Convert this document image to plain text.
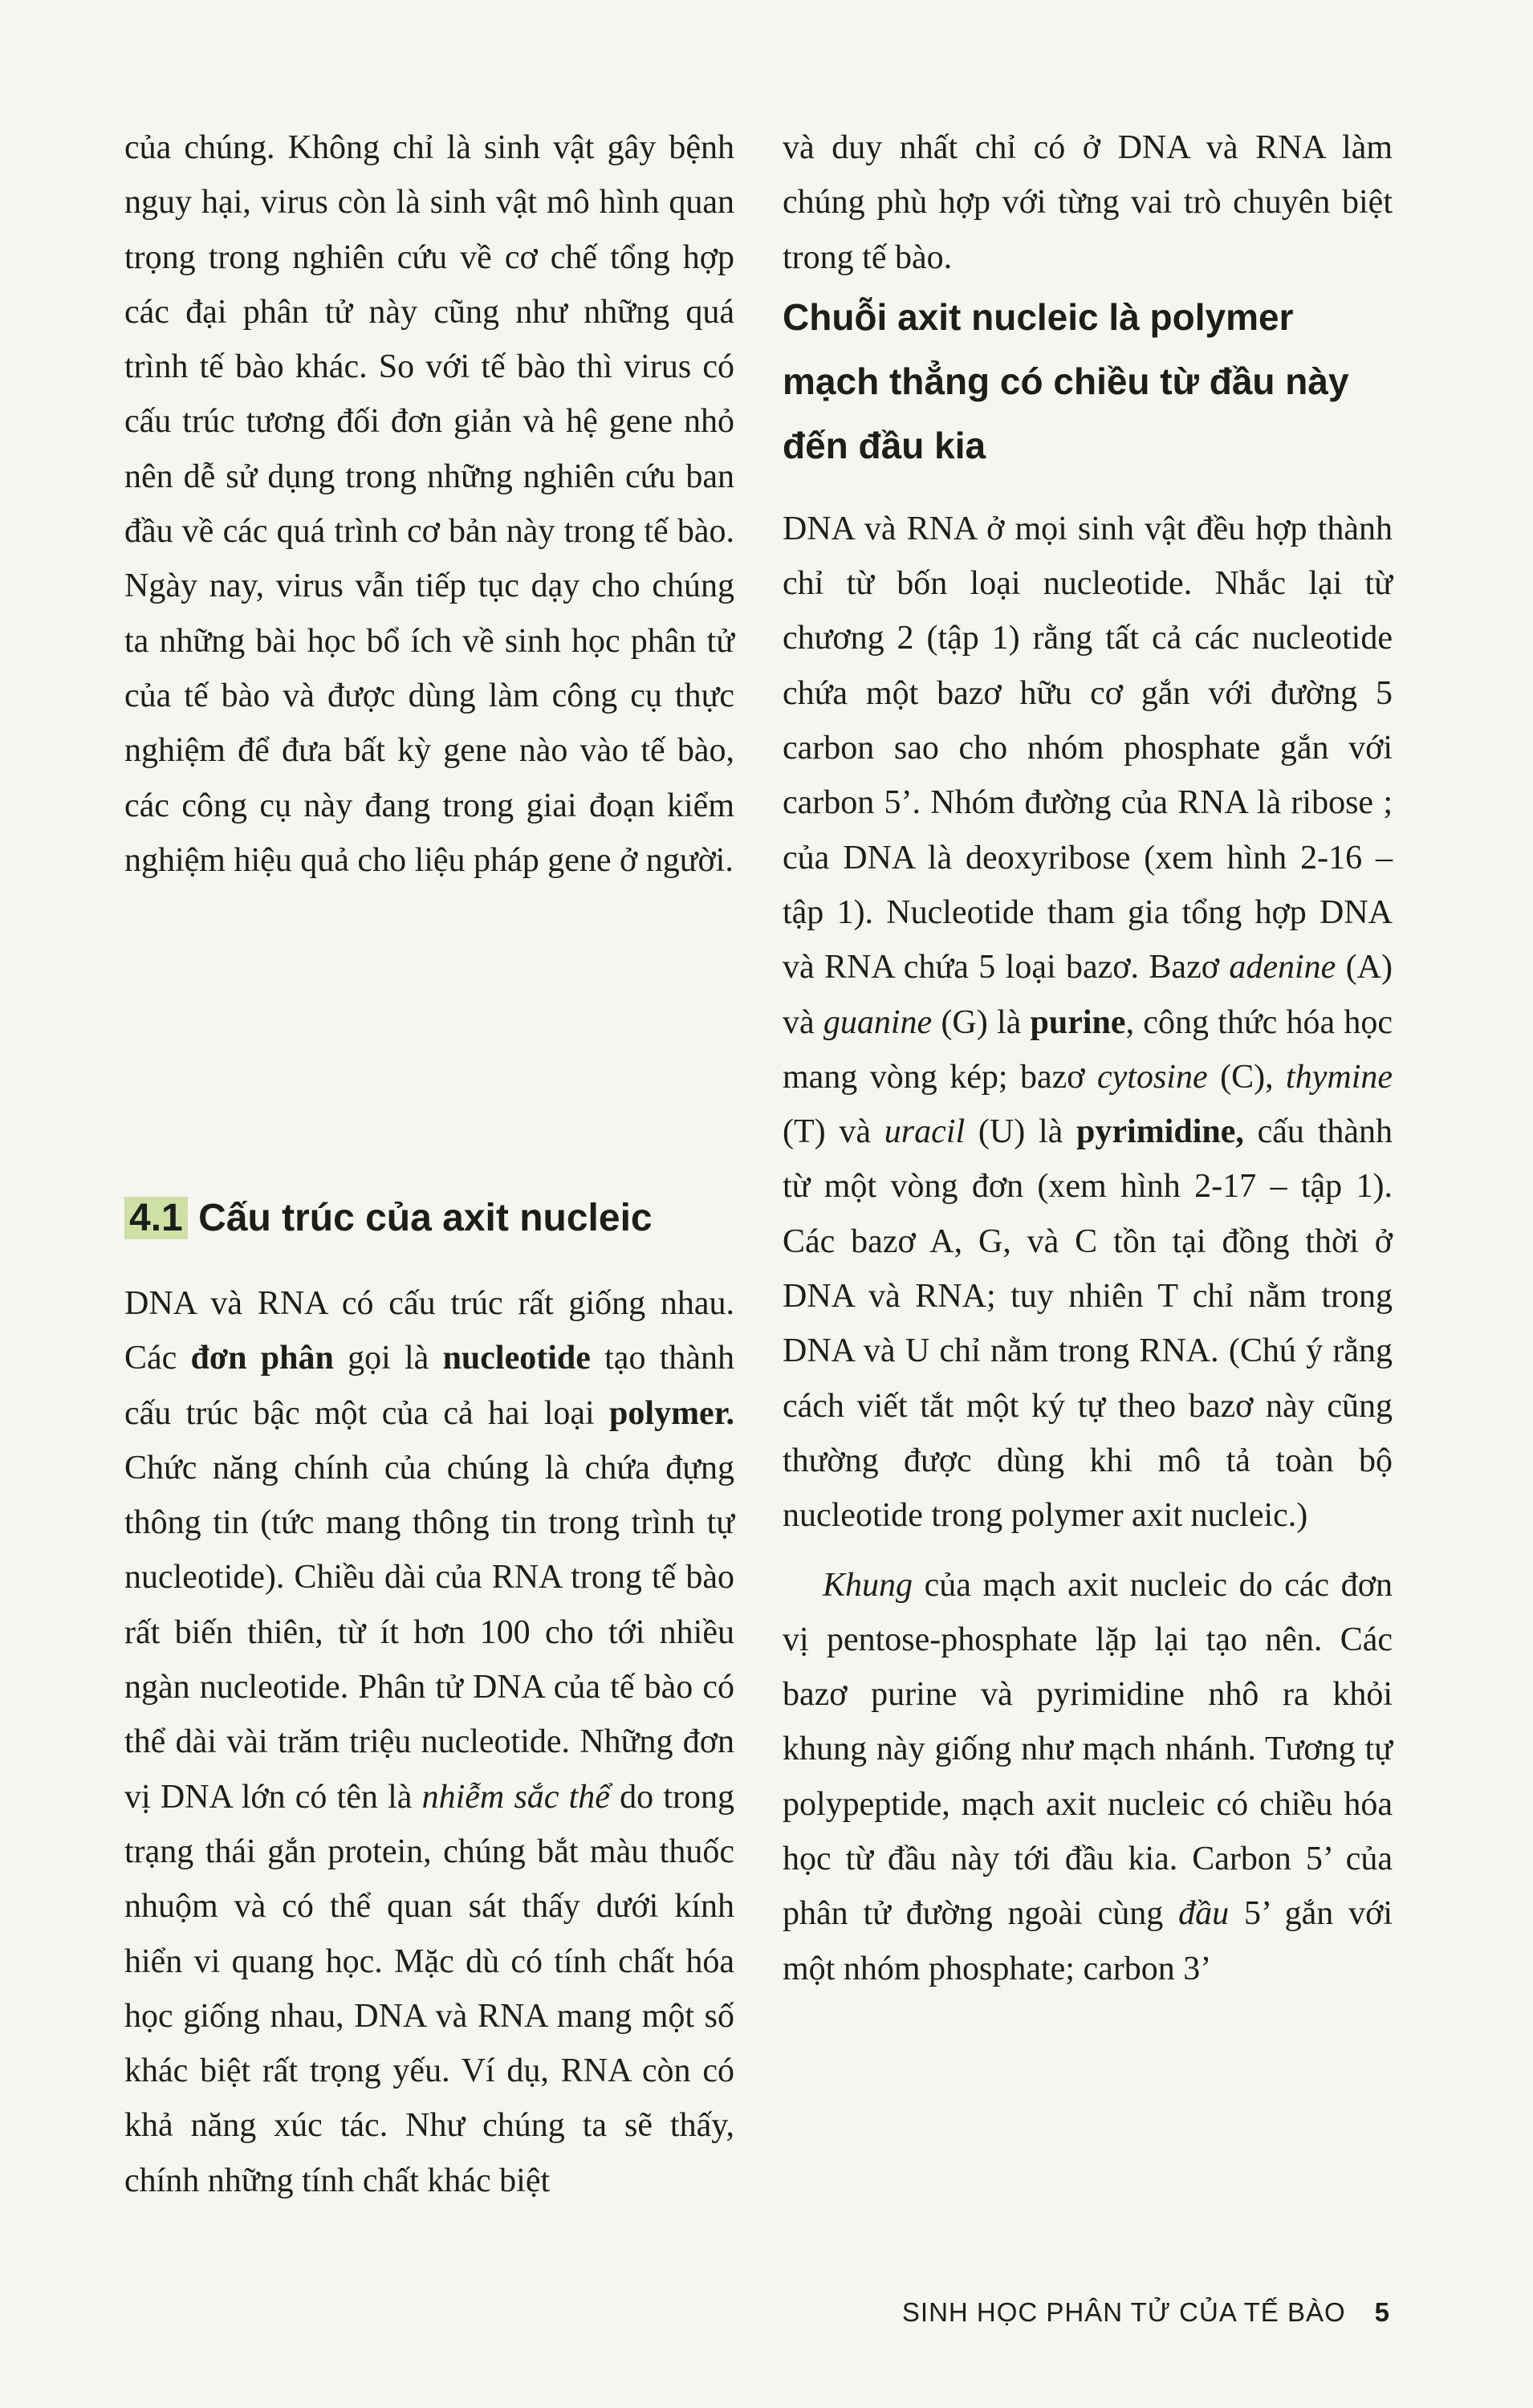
của chúng. Không chỉ là sinh vật gây bệnh nguy hại, virus còn là sinh vật mô hình quan trọng trong nghiên cứu về cơ chế tổng hợp các đại phân tử này cũng như những quá trình tế bào khác. So với tế bào thì virus có cấu trúc tương đối đơn giản và hệ gene nhỏ nên dễ sử dụng trong những nghiên cứu ban đầu về các quá trình cơ bản này trong tế bào. Ngày nay, virus vẫn tiếp tục dạy cho chúng ta những bài học bổ ích về sinh học phân tử của tế bào và được dùng làm công cụ thực nghiệm để đưa bất kỳ gene nào vào tế bào, các công cụ này đang trong giai đoạn kiểm nghiệm hiệu quả cho liệu pháp gene ở người.

4.1 Cấu trúc của axit nucleic

DNA và RNA có cấu trúc rất giống nhau. Các đơn phân gọi là nucleotide tạo thành cấu trúc bậc một của cả hai loại polymer. Chức năng chính của chúng là chứa đựng thông tin (tức mang thông tin trong trình tự nucleotide). Chiều dài của RNA trong tế bào rất biến thiên, từ ít hơn 100 cho tới nhiều ngàn nucleotide. Phân tử DNA của tế bào có thể dài vài trăm triệu nucleotide. Những đơn vị DNA lớn có tên là nhiễm sắc thể do trong trạng thái gắn protein, chúng bắt màu thuốc nhuộm và có thể quan sát thấy dưới kính hiển vi quang học. Mặc dù có tính chất hóa học giống nhau, DNA và RNA mang một số khác biệt rất trọng yếu. Ví dụ, RNA còn có khả năng xúc tác. Như chúng ta sẽ thấy, chính những tính chất khác biệt

và duy nhất chỉ có ở DNA và RNA làm chúng phù hợp với từng vai trò chuyên biệt trong tế bào.

Chuỗi axit nucleic là polymer mạch thẳng có chiều từ đầu này đến đầu kia

DNA và RNA ở mọi sinh vật đều hợp thành chỉ từ bốn loại nucleotide. Nhắc lại từ chương 2 (tập 1) rằng tất cả các nucleotide chứa một bazơ hữu cơ gắn với đường 5 carbon sao cho nhóm phosphate gắn với carbon 5’. Nhóm đường của RNA là ribose ; của DNA là deoxyribose (xem hình 2-16 – tập 1). Nucleotide tham gia tổng hợp DNA và RNA chứa 5 loại bazơ. Bazơ adenine (A) và guanine (G) là purine, công thức hóa học mang vòng kép; bazơ cytosine (C), thymine (T) và uracil (U) là pyrimidine, cấu thành từ một vòng đơn (xem hình 2-17 – tập 1). Các bazơ A, G, và C tồn tại đồng thời ở DNA và RNA; tuy nhiên T chỉ nằm trong DNA và U chỉ nằm trong RNA. (Chú ý rằng cách viết tắt một ký tự theo bazơ này cũng thường được dùng khi mô tả toàn bộ nucleotide trong polymer axit nucleic.)

Khung của mạch axit nucleic do các đơn vị pentose-phosphate lặp lại tạo nên. Các bazơ purine và pyrimidine nhô ra khỏi khung này giống như mạch nhánh. Tương tự polypeptide, mạch axit nucleic có chiều hóa học từ đầu này tới đầu kia. Carbon 5’ của phân tử đường ngoài cùng đầu 5’ gắn với một nhóm phosphate; carbon 3’

SINH HỌC PHÂN TỬ CỦA TẾ BÀO 5
